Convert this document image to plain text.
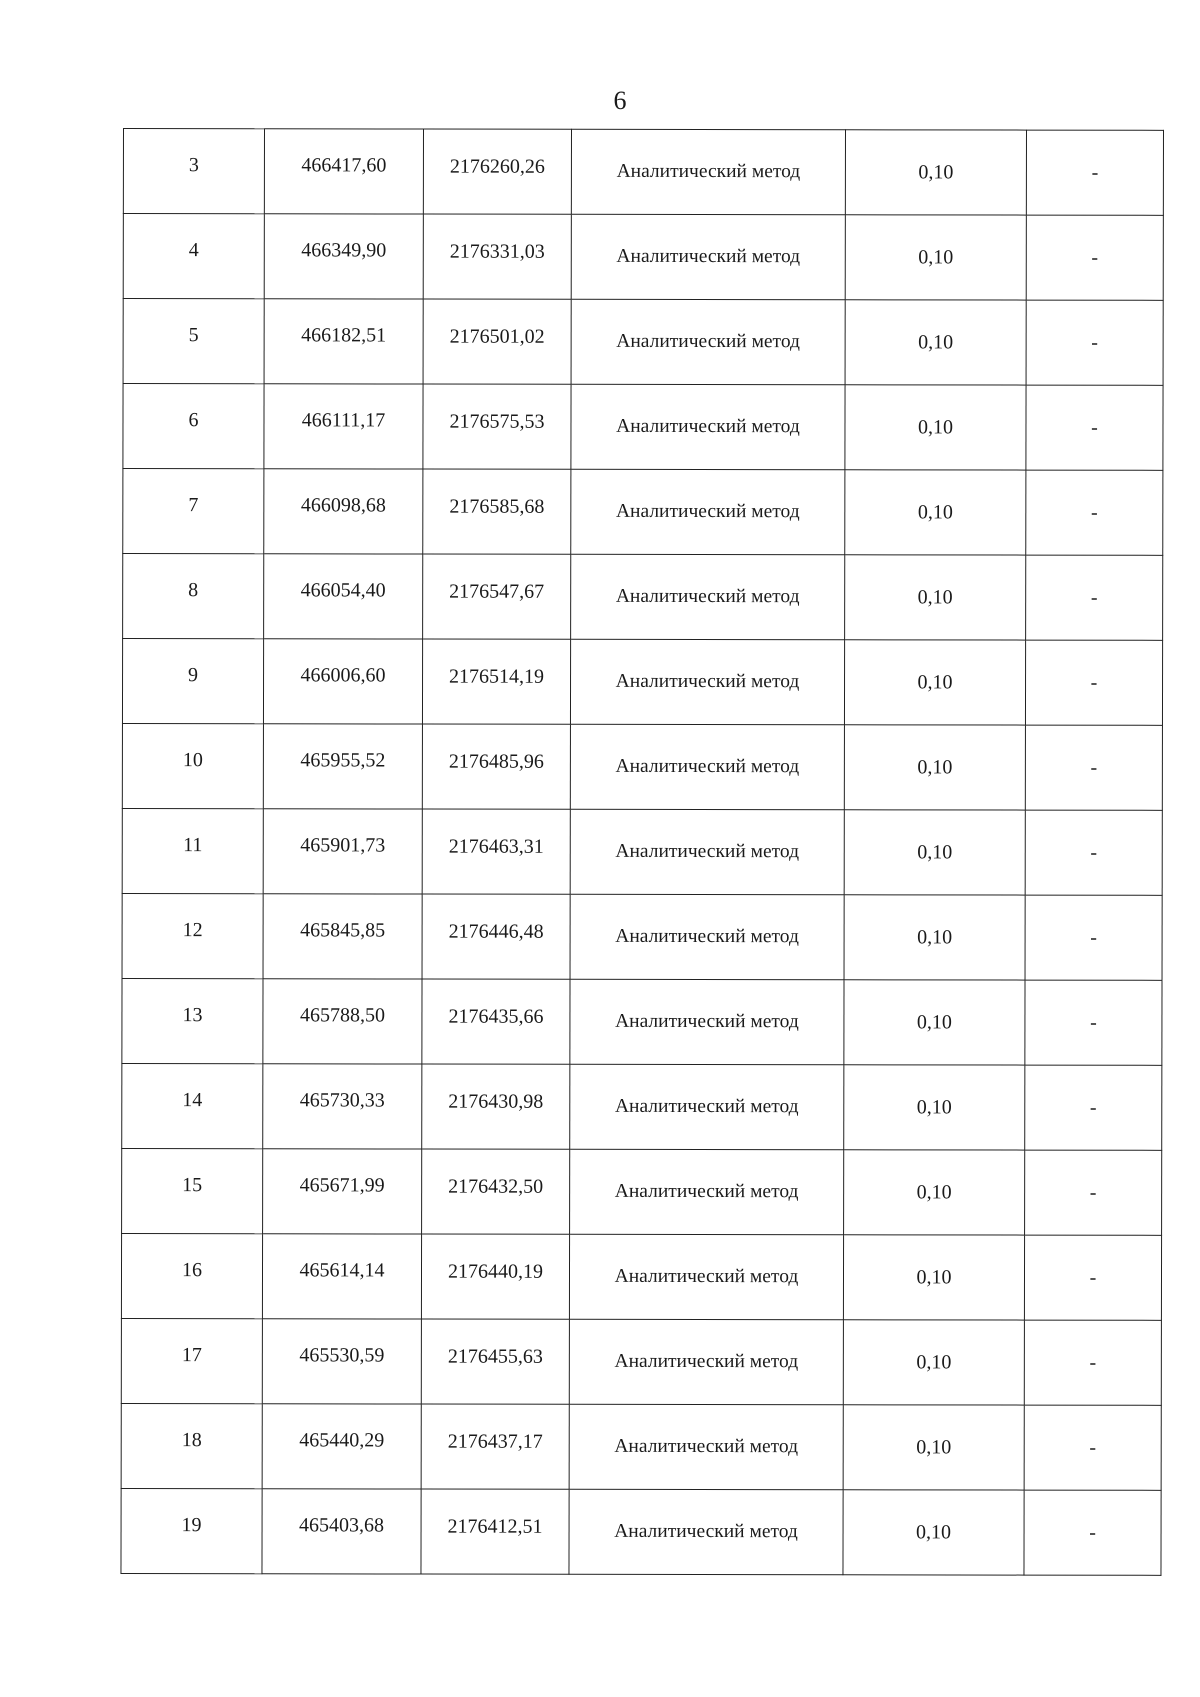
6
3	466417,60	2176260,26	Аналитический метод	0,10	-
4	466349,90	2176331,03	Аналитический метод	0,10	-
5	466182,51	2176501,02	Аналитический метод	0,10	-
6	466111,17	2176575,53	Аналитический метод	0,10	-
7	466098,68	2176585,68	Аналитический метод	0,10	-
8	466054,40	2176547,67	Аналитический метод	0,10	-
9	466006,60	2176514,19	Аналитический метод	0,10	-
10	465955,52	2176485,96	Аналитический метод	0,10	-
11	465901,73	2176463,31	Аналитический метод	0,10	-
12	465845,85	2176446,48	Аналитический метод	0,10	-
13	465788,50	2176435,66	Аналитический метод	0,10	-
14	465730,33	2176430,98	Аналитический метод	0,10	-
15	465671,99	2176432,50	Аналитический метод	0,10	-
16	465614,14	2176440,19	Аналитический метод	0,10	-
17	465530,59	2176455,63	Аналитический метод	0,10	-
18	465440,29	2176437,17	Аналитический метод	0,10	-
19	465403,68	2176412,51	Аналитический метод	0,10	-
